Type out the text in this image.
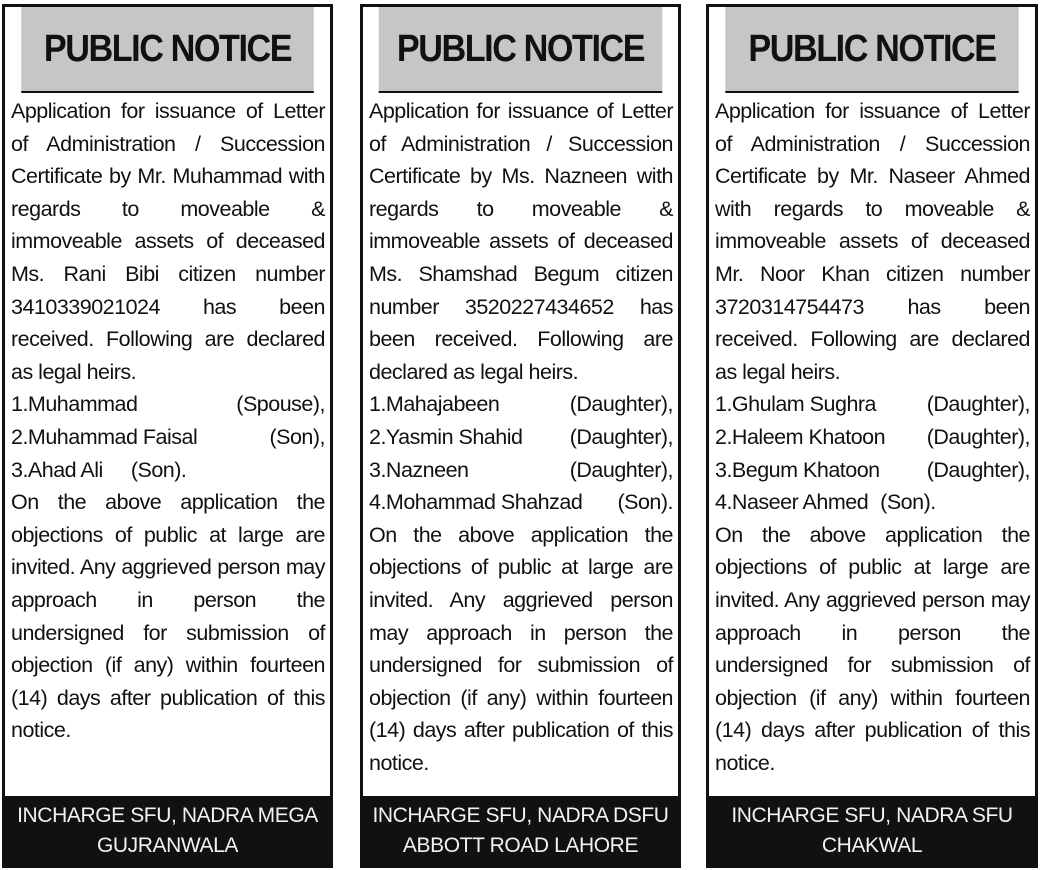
PUBLIC NOTICE

Application for issuance of Letter of Administration / Succession Certificate by Mr. Muhammad with regards to moveable & immoveable assets of deceased Ms. Rani Bibi citizen number 3410339021024 has been received. Following are declared as legal heirs.

1.Muhammad	(Spouse),
2.Muhammad Faisal	(Son),
3.Ahad Ali (Son).

On the above application the objections of public at large are invited. Any aggrieved person may approach in person the undersigned for submission of objection (if any) within fourteen (14) days after publication of this notice.

INCHARGE SFU, NADRA MEGA
GUJRANWALA
PUBLIC NOTICE

Application for issuance of Letter of Administration / Succession Certificate by Ms. Nazneen with regards to moveable & immoveable assets of deceased Ms. Shamshad Begum citizen number 3520227434652 has been received. Following are declared as legal heirs.

1.Mahajabeen	(Daughter),
2.Yasmin Shahid (Daughter),
3.Nazneen	(Daughter),
4.Mohammad Shahzad (Son).

On the above application the objections of public at large are invited. Any aggrieved person may approach in person the undersigned for submission of objection (if any) within fourteen (14) days after publication of this notice.

INCHARGE SFU, NADRA DSFU
ABBOTT ROAD LAHORE
PUBLIC NOTICE

Application for issuance of Letter of Administration / Succession Certificate by Mr. Naseer Ahmed with regards to moveable & immoveable assets of deceased Mr. Noor Khan citizen number 3720314754473 has been received. Following are declared as legal heirs.

1.Ghulam Sughra (Daughter),
2.Haleem Khatoon (Daughter),
3.Begum Khatoon (Daughter),
4.Naseer Ahmed (Son).

On the above application the objections of public at large are invited. Any aggrieved person may approach in person the undersigned for submission of objection (if any) within fourteen (14) days after publication of this notice.

INCHARGE SFU, NADRA SFU
CHAKWAL
